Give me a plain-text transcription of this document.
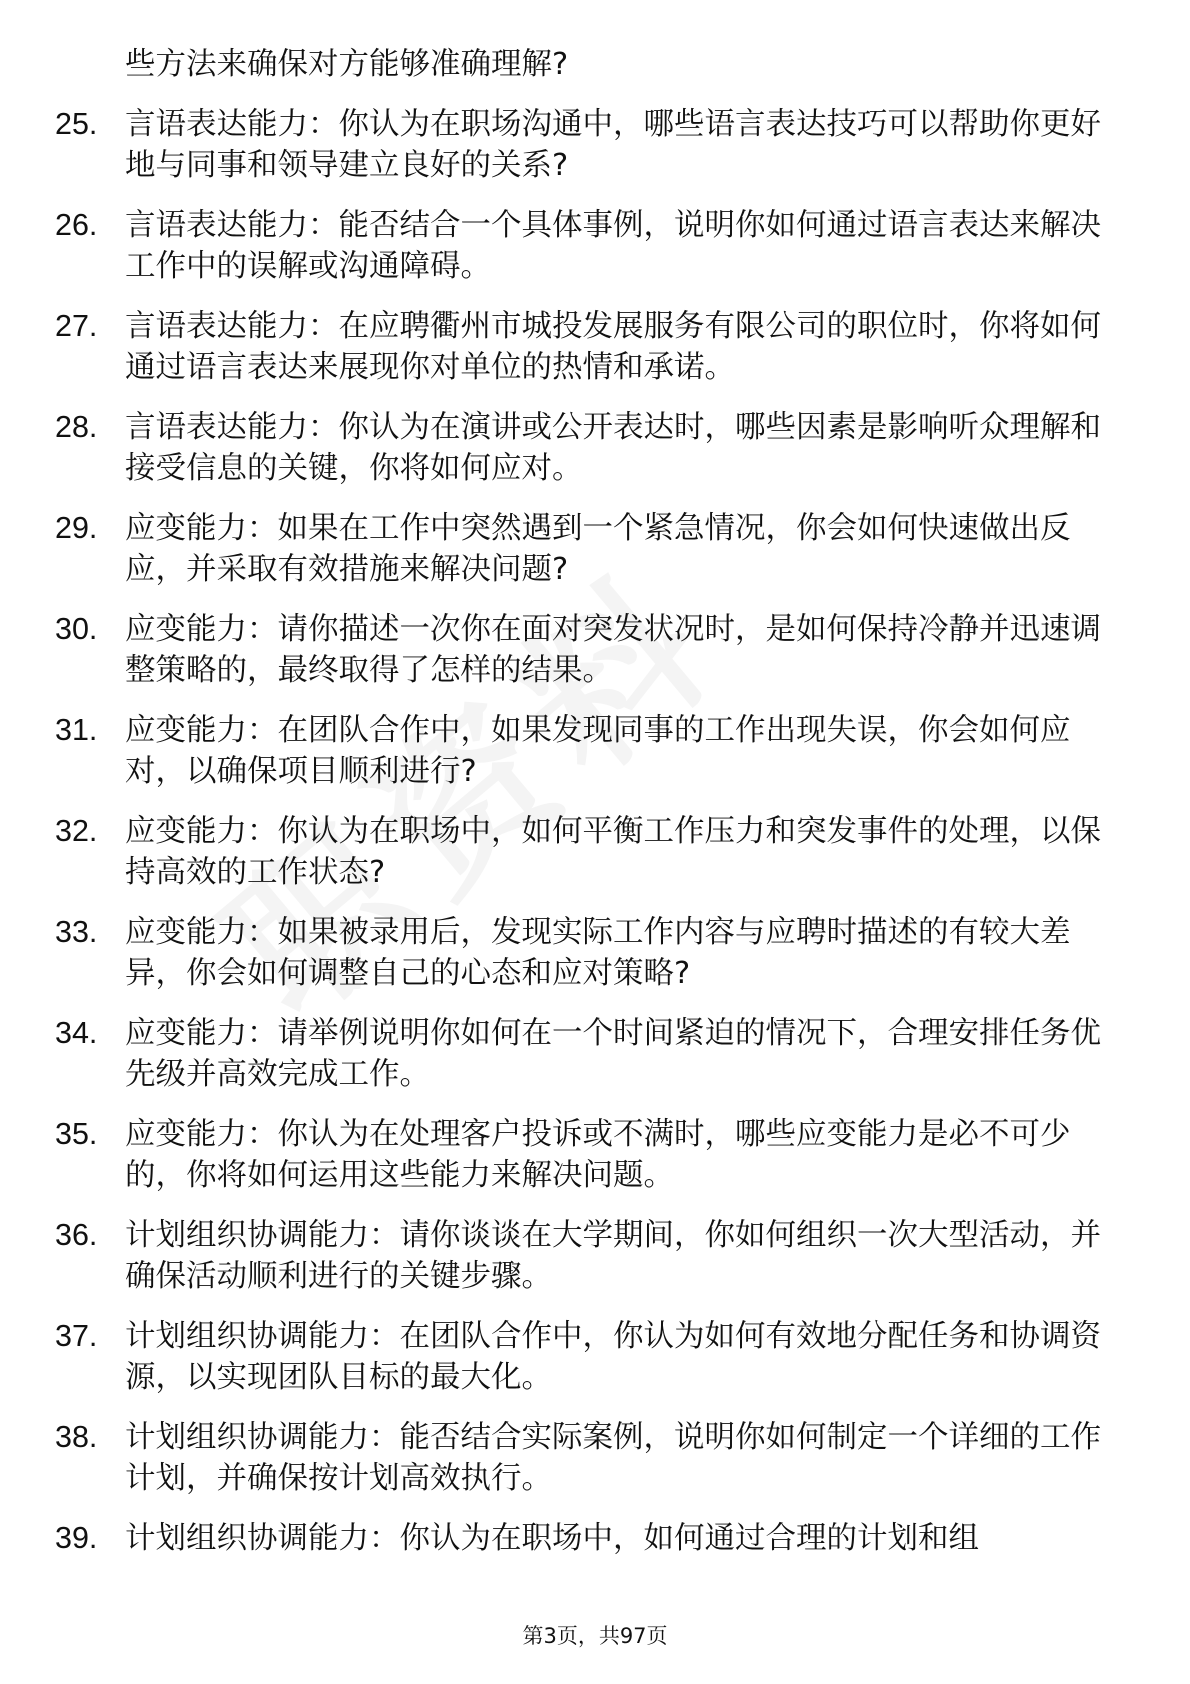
些方法来确保对方能够准确理解?
25. 言语表达能力：你认为在职场沟通中，哪些语言表达技巧可以帮助你更好地与同事和领导建立良好的关系?
26. 言语表达能力：能否结合一个具体事例，说明你如何通过语言表达来解决工作中的误解或沟通障碍。
27. 言语表达能力：在应聘衢州市城投发展服务有限公司的职位时，你将如何通过语言表达来展现你对单位的热情和承诺。
28. 言语表达能力：你认为在演讲或公开表达时，哪些因素是影响听众理解和接受信息的关键，你将如何应对。
29. 应变能力：如果在工作中突然遇到一个紧急情况，你会如何快速做出反应，并采取有效措施来解决问题?
30. 应变能力：请你描述一次你在面对突发状况时，是如何保持冷静并迅速调整策略的，最终取得了怎样的结果。
31. 应变能力：在团队合作中，如果发现同事的工作出现失误，你会如何应对，以确保项目顺利进行?
32. 应变能力：你认为在职场中，如何平衡工作压力和突发事件的处理，以保持高效的工作状态?
33. 应变能力：如果被录用后，发现实际工作内容与应聘时描述的有较大差异，你会如何调整自己的心态和应对策略?
34. 应变能力：请举例说明你如何在一个时间紧迫的情况下，合理安排任务优先级并高效完成工作。
35. 应变能力：你认为在处理客户投诉或不满时，哪些应变能力是必不可少的，你将如何运用这些能力来解决问题。
36. 计划组织协调能力：请你谈谈在大学期间，你如何组织一次大型活动，并确保活动顺利进行的关键步骤。
37. 计划组织协调能力：在团队合作中，你认为如何有效地分配任务和协调资源，以实现团队目标的最大化。
38. 计划组织协调能力：能否结合实际案例，说明你如何制定一个详细的工作计划，并确保按计划高效执行。
39. 计划组织协调能力：你认为在职场中，如何通过合理的计划和组
第3页，共97页
